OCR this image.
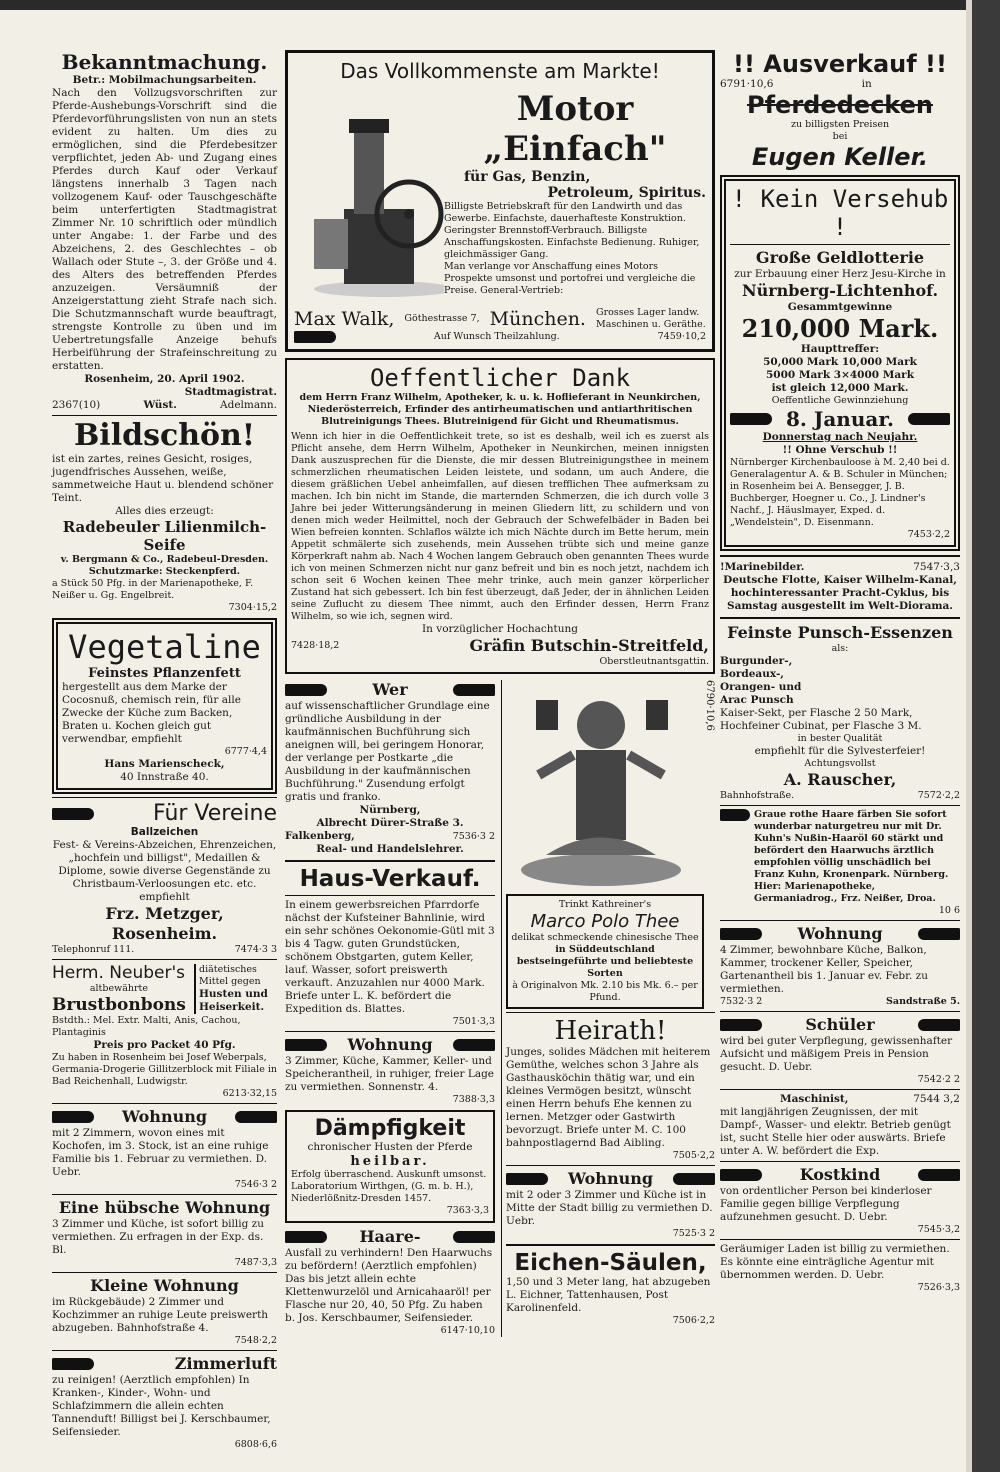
Bekanntmachung.
Betr.: Mobilmachungsarbeiten.
Nach den Vollzugsvorschriften zur Pferde-Aushebungs-Vorschrift sind die Pferdevorführungslisten von nun an stets evident zu halten. Um dies zu ermöglichen, sind die Pferdebesitzer verpflichtet, jeden Ab- und Zugang eines Pferdes durch Kauf oder Verkauf längstens innerhalb 3 Tagen nach vollzogenem Kauf- oder Tauschgeschäfte beim unterfertigten Stadtmagistrat Zimmer Nr. 10 schriftlich oder mündlich unter Angabe: 1. der Farbe und des Abzeichens, 2. des Geschlechtes – ob Wallach oder Stute –, 3. der Größe und 4. des Alters des betreffenden Pferdes anzuzeigen. Versäumniß der Anzeigerstattung zieht Strafe nach sich. Die Schutzmannschaft wurde beauftragt, strengste Kontrolle zu üben und im Uebertretungsfalle Anzeige behufs Herbeiführung der Strafeinschreitung zu erstatten.
Rosenheim, 20. April 1902.
Stadtmagistrat.
2367(10)	Wüst.	Adelmann.
Bildschön!
ist ein zartes, reines Gesicht, rosiges, jugendfrisches Aussehen, weiße, sammetweiche Haut u. blendend schöner Teint.
Alles dies erzeugt:
Radebeuler Lilienmilch-Seife
v. Bergmann & Co., Radebeul-Dresden.
Schutzmarke: Steckenpferd.
a Stück 50 Pfg. in der Marienapotheke, F. Neißer u. Gg. Engelbreit.
7304·15,2
Vegetaline
Feinstes Pflanzenfett
hergestellt aus dem Marke der Cocosnuß, chemisch rein, für alle Zwecke der Küche zum Backen, Braten u. Kochen gleich gut verwendbar, empfiehlt
6777·4,4
Hans Marienscheck,
40 Innstraße 40.
Für Vereine
Ballzeichen
Fest- & Vereins-Abzeichen, Ehrenzeichen, „hochfein und billigst", Medaillen & Diplome, sowie diverse Gegenstände zu Christbaum-Verloosungen etc. etc. empfiehlt
Frz. Metzger, Rosenheim.
Telephonruf 111.	7474·3 3
Herm. Neuber's
altbewährte
Brustbonbons
diätetisches Mittel gegen
Husten und Heiserkeit.
Bstdth.: Mel. Extr. Malti, Anis, Cachou, Plantaginis
Preis pro Packet 40 Pfg.
Zu haben in Rosenheim bei Josef Weberpals, Germania-Drogerie Gillitzerblock mit Filiale in Bad Reichenhall, Ludwigstr.
6213·32,15
Wohnung
mit 2 Zimmern, wovon eines mit Kochofen, im 3. Stock, ist an eine ruhige Familie bis 1. Februar zu vermiethen. D. Uebr.
7546·3 2
Eine hübsche Wohnung
3 Zimmer und Küche, ist sofort billig zu vermiethen. Zu erfragen in der Exp. ds. Bl.
7487·3,3
Kleine Wohnung
im Rückgebäude) 2 Zimmer und Kochzimmer an ruhige Leute preiswerth abzugeben. Bahnhofstraße 4.
7548·2,2
Zimmerluft
zu reinigen! (Aerztlich empfohlen) In Kranken-, Kinder-, Wohn- und Schlafzimmern die allein echten Tannenduft! Billigst bei J. Kerschbaumer, Seifensieder.
6808·6,6
Das Vollkommenste am Markte!
Motor „Einfach"
für Gas, Benzin,
Petroleum, Spiritus.
Billigste Betriebskraft für den Landwirth und das Gewerbe. Einfachste, dauerhafteste Konstruktion. Geringster Brennstoff-Verbrauch. Billigste Anschaffungskosten. Einfachste Bedienung. Ruhiger, gleichmässiger Gang.
Man verlange vor Anschaffung eines Motors Prospekte umsonst und portofrei und vergleiche die Preise. General-Vertrieb:
Max Walk, Göthestrasse 7, München. Grosses Lager landw. Maschinen u. Geräthe.
Auf Wunsch Theilzahlung.	7459·10,2
Oeffentlicher Dank
dem Herrn Franz Wilhelm, Apotheker, k. u. k. Hoflieferant in Neunkirchen, Niederösterreich, Erfinder des antirheumatischen und antiarthritischen Blutreinigungs Thees. Blutreinigend für Gicht und Rheumatismus.
Wenn ich hier in die Oeffentlichkeit trete, so ist es deshalb, weil ich es zuerst als Pflicht ansehe, dem Herrn Wilhelm, Apotheker in Neunkirchen, meinen innigsten Dank auszusprechen für die Dienste, die mir dessen Blutreinigungsthee in meinem schmerzlichen rheumatischen Leiden leistete, und sodann, um auch Andere, die diesem gräßlichen Uebel anheimfallen, auf diesen trefflichen Thee aufmerksam zu machen. Ich bin nicht im Stande, die marternden Schmerzen, die ich durch volle 3 Jahre bei jeder Witterungsänderung in meinen Gliedern litt, zu schildern und von denen mich weder Heilmittel, noch der Gebrauch der Schwefelbäder in Baden bei Wien befreien konnten. Schlaflos wälzte ich mich Nächte durch im Bette herum, mein Appetit schmälerte sich zusehends, mein Aussehen trübte sich und meine ganze Körperkraft nahm ab. Nach 4 Wochen langem Gebrauch oben genannten Thees wurde ich von meinen Schmerzen nicht nur ganz befreit und bin es noch jetzt, nachdem ich schon seit 6 Wochen keinen Thee mehr trinke, auch mein ganzer körperlicher Zustand hat sich gebessert. Ich bin fest überzeugt, daß Jeder, der in ähnlichen Leiden seine Zuflucht zu diesem Thee nimmt, auch den Erfinder dessen, Herrn Franz Wilhelm, so wie ich, segnen wird.
In vorzüglicher Hochachtung
7428·18,2	Gräfin Butschin-Streitfeld,
Oberstleutnantsgattin.
Wer
auf wissenschaftlicher Grundlage eine gründliche Ausbildung in der kaufmännischen Buchführung sich aneignen will, bei geringem Honorar, der verlange per Postkarte „die Ausbildung in der kaufmännischen Buchführung." Zusendung erfolgt gratis und franko.
Nürnberg,
Albrecht Dürer-Straße 3.
Falkenberg,	7536·3 2
Real- und Handelslehrer.
Haus-Verkauf.
In einem gewerbsreichen Pfarrdorfe nächst der Kufsteiner Bahnlinie, wird ein sehr schönes Oekonomie-Gütl mit 3 bis 4 Tagw. guten Grundstücken, schönem Obstgarten, gutem Keller, lauf. Wasser, sofort preiswerth verkauft. Anzuzahlen nur 4000 Mark. Briefe unter L. K. befördert die Expedition ds. Blattes.
7501·3,3
Wohnung
3 Zimmer, Küche, Kammer, Keller- und Speicherantheil, in ruhiger, freier Lage zu vermiethen. Sonnenstr. 4.
7388·3,3
Dämpfigkeit
chronischer Husten der Pferde
heilbar.
Erfolg überraschend. Auskunft umsonst. Laboratorium Wirthgen, (G. m. b. H.), Niederlößnitz-Dresden 1457.
7363·3,3
Haare-
Ausfall zu verhindern! Den Haarwuchs zu befördern! (Aerztlich empfohlen) Das bis jetzt allein echte Klettenwurzelöl und Arnicahaaröl! per Flasche nur 20, 40, 50 Pfg. Zu haben b. Jos. Kerschbaumer, Seifensieder.
6147·10,10
Trinkt Kathreiner's
Marco Polo Thee
delikat schmeckende chinesische Thee
in Süddeutschland bestseingeführte und beliebteste Sorten
à Originalvon Mk. 2.10 bis Mk. 6.– per Pfund.
6790·10,6
Heirath!
Junges, solides Mädchen mit heiterem Gemüthe, welches schon 3 Jahre als Gasthausköchin thätig war, und ein kleines Vermögen besitzt, wünscht einen Herrn behufs Ehe kennen zu lernen. Metzger oder Gastwirth bevorzugt. Briefe unter M. C. 100 bahnpostlagernd Bad Aibling.
7505·2,2
Wohnung
mit 2 oder 3 Zimmer und Küche ist in Mitte der Stadt billig zu vermiethen D. Uebr.
7525·3 2
Eichen-Säulen,
1,50 und 3 Meter lang, hat abzugeben L. Eichner, Tattenhausen, Post Karolinenfeld.
7506·2,2
!! Ausverkauf !!
6791·10,6	in
Pferdedecken
zu billigsten Preisen
bei
Eugen Keller.
! Kein Versehub !
Große Geldlotterie
zur Erbauung einer Herz Jesu-Kirche in
Nürnberg-Lichtenhof.
Gesammtgewinne
210,000 Mark.
Haupttreffer:
50,000 Mark 10,000 Mark
5000 Mark 3×4000 Mark
ist gleich 12,000 Mark.
Oeffentliche Gewinnziehung
8. Januar.
Donnerstag nach Neujahr.
!! Ohne Verschub !!
Nürnberger Kirchenbauloose à M. 2,40 bei d. Generalagentur A. & B. Schuler in München; in Rosenheim bei A. Bensegger, J. B. Buchberger, Hoegner u. Co., J. Lindner's Nachf., J. Häuslmayer, Exped. d. „Wendelstein", D. Eisenmann.
7453·2,2
!Marinebilder.	7547·3,3
Deutsche Flotte, Kaiser Wilhelm-Kanal, hochinteressanter Pracht-Cyklus, bis Samstag ausgestellt im Welt-Diorama.
Feinste Punsch-Essenzen
als:
Burgunder-, Bordeaux-, Orangen- und Arac Punsch
Kaiser-Sekt, per Flasche 2 50 Mark,
Hochfeiner Cubinat, per Flasche 3 M.
in bester Qualität
empfiehlt für die Sylvesterfeier!
Achtungsvollst
A. Rauscher,
Bahnhofstraße.	7572·2,2
Graue rothe Haare färben Sie sofort wunderbar naturgetreu nur mit Dr. Kuhn's Nußin-Haaröl 60 stärkt und befördert den Haarwuchs ärztlich empfohlen völlig unschädlich bei Franz Kuhn, Kronenpark. Nürnberg. Hier: Marienapotheke, Germaniadrog., Frz. Neißer, Droa.
10 6
Wohnung
4 Zimmer, bewohnbare Küche, Balkon, Kammer, trockener Keller, Speicher, Gartenantheil bis 1. Januar ev. Febr. zu vermiethen.
7532·3 2	Sandstraße 5.
Schüler
wird bei guter Verpflegung, gewissenhafter Aufsicht und mäßigem Preis in Pension gesucht. D. Uebr.
7542·2 2
Maschinist,	7544 3,2
mit langjährigen Zeugnissen, der mit Dampf-, Wasser- und elektr. Betrieb genügt ist, sucht Stelle hier oder auswärts. Briefe unter A. W. befördert die Exp.
Kostkind
von ordentlicher Person bei kinderloser Familie gegen billige Verpflegung aufzunehmen gesucht. D. Uebr.
7545·3,2
Geräumiger Laden ist billig zu vermiethen. Es könnte eine einträgliche Agentur mit übernommen werden. D. Uebr.
7526·3,3
